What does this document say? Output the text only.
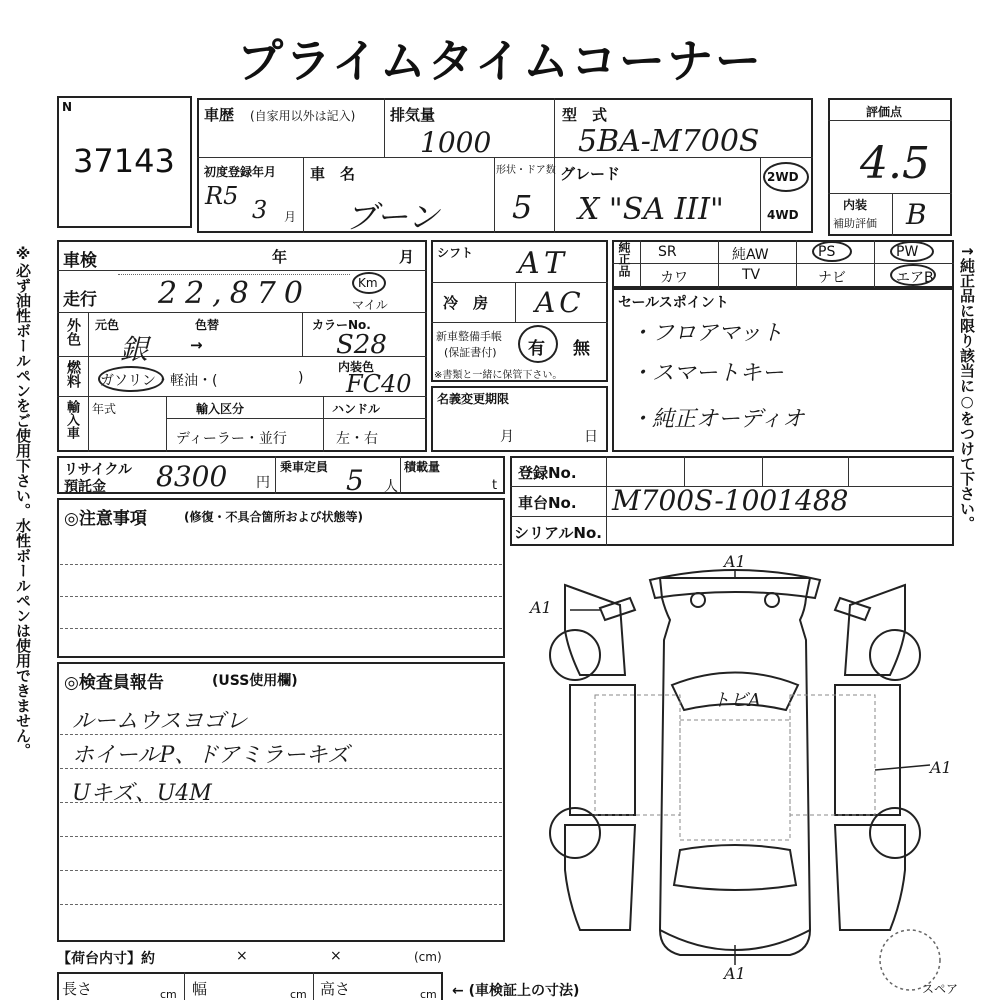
プライムタイムコーナー
※必ず油性ボールペンをご使用下さい。水性ボールペンは使用できません。	↑純正品に限り該当に○をつけて下さい。
N
37143
車歴 (自家用以外は記入) 排気量
1000
型　式
5BA-M700S
初度登録年月
R5 3 月
車　名
ブーン
形状・ドア数
5
グレード
X "SA III"
2WD
4WD
評価点
4.5
内装
補助評価 B
車検	年	月
走行 22,870	Km
マイル
外色 元色	色替
銀	→
カラーNo.
S28
燃料 ガソリン・軽油・(	)
内装色
FC40
輸入車 年式	輸入区分
ディーラー・並行
ハンドル
左・右
シフト AT
冷　房 AC
新車整備手帳
(保証書付) 有 無
※書類と一緒に保管下さい。
名義変更期限
月	日
純正品 SR	純AW	PS	PW
カワ	TV	ナビ	エアB
セールスポイント
・フロアマット
・スマートキー
・純正オーディオ
リサイクル
預託金 8300 円
乗車定員 5 人
積載量
t
登録No.
車台No. M700S-1001488
シリアルNo.
◎注意事項	(修復・不具合箇所および状態等)
◎検査員報告	(USS使用欄)
ルームウスヨゴレ
ホイールP、ドアミラーキズ
Uキズ、U4M
【荷台内寸】約	×	×	(cm)
長さ	cm 幅	cm 高さ	cm ← (車検証上の寸法)
A1
A1
A1
A1
トビA
スペア
